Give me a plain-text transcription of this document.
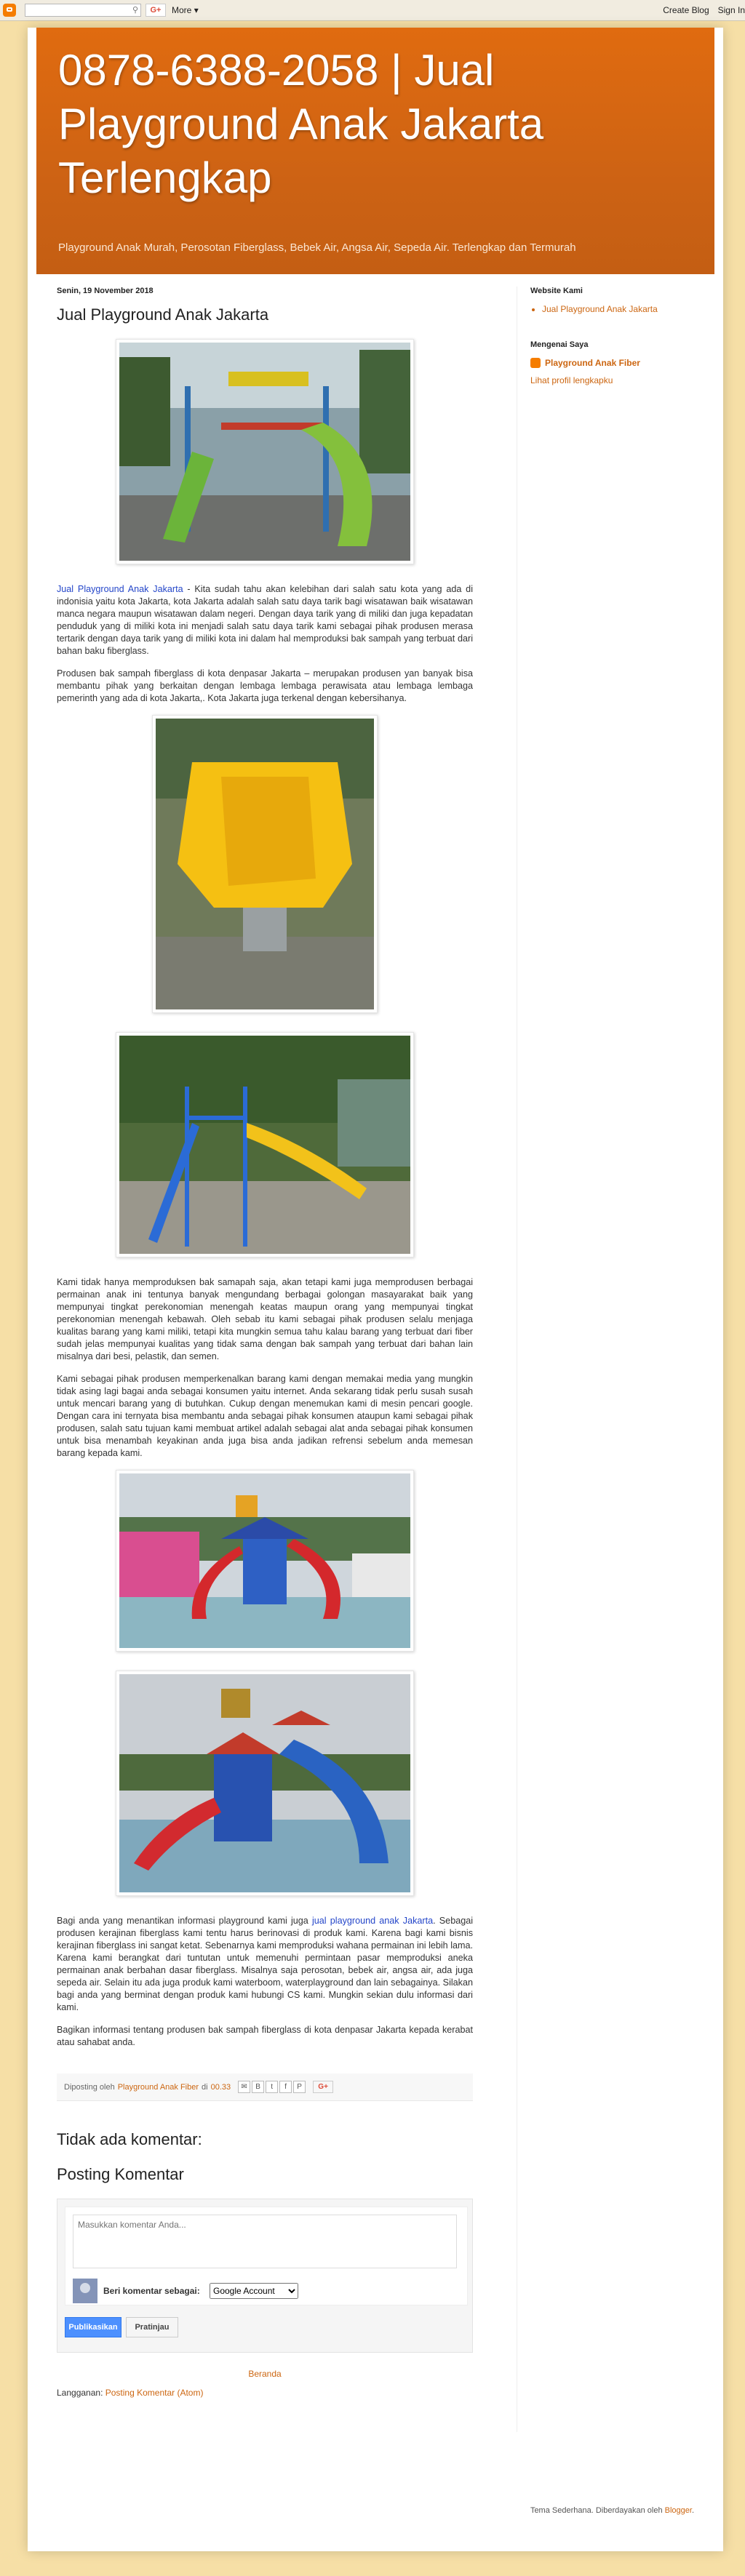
⚲	G+	More ▾	Create Blog Sign In
0878-6388-2058 | Jual Playground Anak Jakarta Terlengkap
Playground Anak Murah, Perosotan Fiberglass, Bebek Air, Angsa Air, Sepeda Air. Terlengkap dan Termurah
Senin, 19 November 2018
Jual Playground Anak Jakarta

Jual Playground Anak Jakarta - Kita sudah tahu akan kelebihan dari salah satu kota yang ada di indonisia yaitu kota Jakarta, kota Jakarta adalah salah satu daya tarik bagi wisatawan baik wisatawan manca negara maupun wisatawan dalam negeri. Dengan daya tarik yang di miliki dan juga kepadatan penduduk yang di miliki kota ini menjadi salah satu daya tarik kami sebagai pihak produsen merasa tertarik dengan daya tarik yang di miliki kota ini dalam hal memproduksi bak sampah yang terbuat dari bahan baku fiberglass.

Produsen bak sampah fiberglass di kota denpasar Jakarta – merupakan produsen yan banyak bisa membantu pihak yang berkaitan dengan lembaga lembaga perawisata atau lembaga lembaga pemerinth yang ada di kota Jakarta,. Kota Jakarta juga terkenal dengan kebersihanya.

Kami tidak hanya memproduksen bak samapah saja, akan tetapi kami juga memprodusen berbagai permainan anak ini tentunya banyak mengundang berbagai golongan masayarakat baik yang mempunyai tingkat perekonomian menengah keatas maupun orang yang mempunyai tingkat perekonomian menengah kebawah. Oleh sebab itu kami sebagai pihak produsen selalu menjaga kualitas barang yang kami miliki, tetapi kita mungkin semua tahu kalau barang yang terbuat dari fiber sudah jelas mempunyai kualitas yang tidak sama dengan bak sampah yang terbuat dari bahan lain misalnya dari besi, pelastik, dan semen.

Kami sebagai pihak produsen memperkenalkan barang kami dengan memakai media yang mungkin tidak asing lagi bagai anda sebagai konsumen yaitu internet. Anda sekarang tidak perlu susah susah untuk mencari barang yang di butuhkan. Cukup dengan menemukan kami di mesin pencari google. Dengan cara ini ternyata bisa membantu anda sebagai pihak konsumen ataupun kami sebagai pihak produsen, salah satu tujuan kami membuat artikel adalah sebagai alat anda sebagai pihak konsumen untuk bisa menambah keyakinan anda juga bisa anda jadikan refrensi sebelum anda memesan barang kepada kami.

Bagi anda yang menantikan informasi playground kami juga jual playground anak Jakarta. Sebagai produsen kerajinan fiberglass kami tentu harus berinovasi di produk kami. Karena bagi kami bisnis kerajinan fiberglass ini sangat ketat. Sebenarnya kami memproduksi wahana permainan ini lebih lama. Karena kami berangkat dari tuntutan untuk memenuhi permintaan pasar memproduksi aneka permainan anak berbahan dasar fiberglass. Misalnya saja perosotan, bebek air, angsa air, ada juga sepeda air. Selain itu ada juga produk kami waterboom, waterplayground dan lain sebagainya. Silakan bagi anda yang berminat dengan produk kami hubungi CS kami. Mungkin sekian dulu informasi dari kami.

Bagikan informasi tentang produsen bak sampah fiberglass di kota denpasar Jakarta kepada kerabat atau sahabat anda.

Diposting oleh Playground Anak Fiber di 00.33	✉	B	t	f	P	G+
Tidak ada komentar:
Posting Komentar
Masukkan komentar Anda...
Beri komentar sebagai:
Google Account
Publikasikan	Pratinjau
Beranda
Langganan: Posting Komentar (Atom)
Website Kami
• Jual Playground Anak Jakarta
Mengenai Saya
Playground Anak Fiber
Lihat profil lengkapku
Tema Sederhana. Diberdayakan oleh Blogger.
